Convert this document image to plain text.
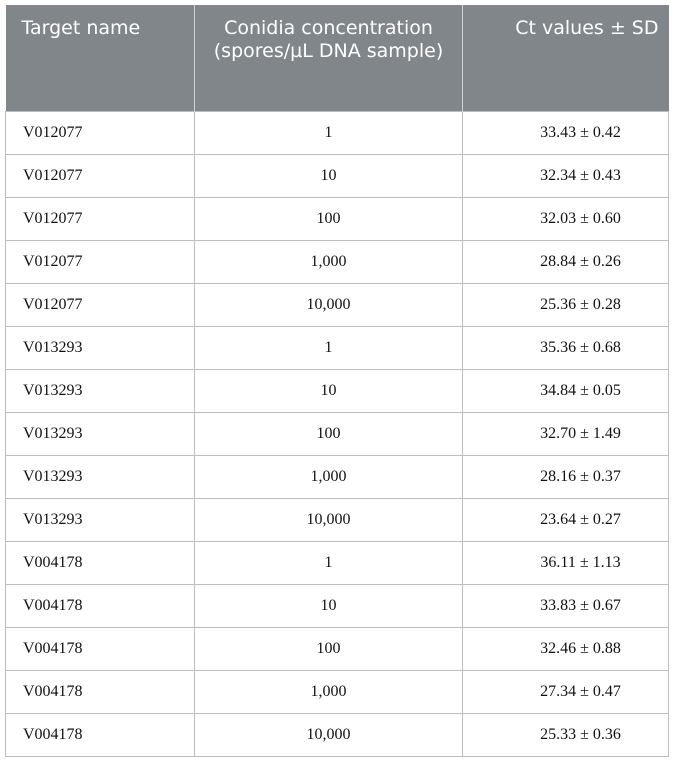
Target name	Conidia concentration (spores/µL DNA sample)	Ct values ± SD
V012077	1	33.43 ± 0.42
V012077	10	32.34 ± 0.43
V012077	100	32.03 ± 0.60
V012077	1,000	28.84 ± 0.26
V012077	10,000	25.36 ± 0.28
V013293	1	35.36 ± 0.68
V013293	10	34.84 ± 0.05
V013293	100	32.70 ± 1.49
V013293	1,000	28.16 ± 0.37
V013293	10,000	23.64 ± 0.27
V004178	1	36.11 ± 1.13
V004178	10	33.83 ± 0.67
V004178	100	32.46 ± 0.88
V004178	1,000	27.34 ± 0.47
V004178	10,000	25.33 ± 0.36
